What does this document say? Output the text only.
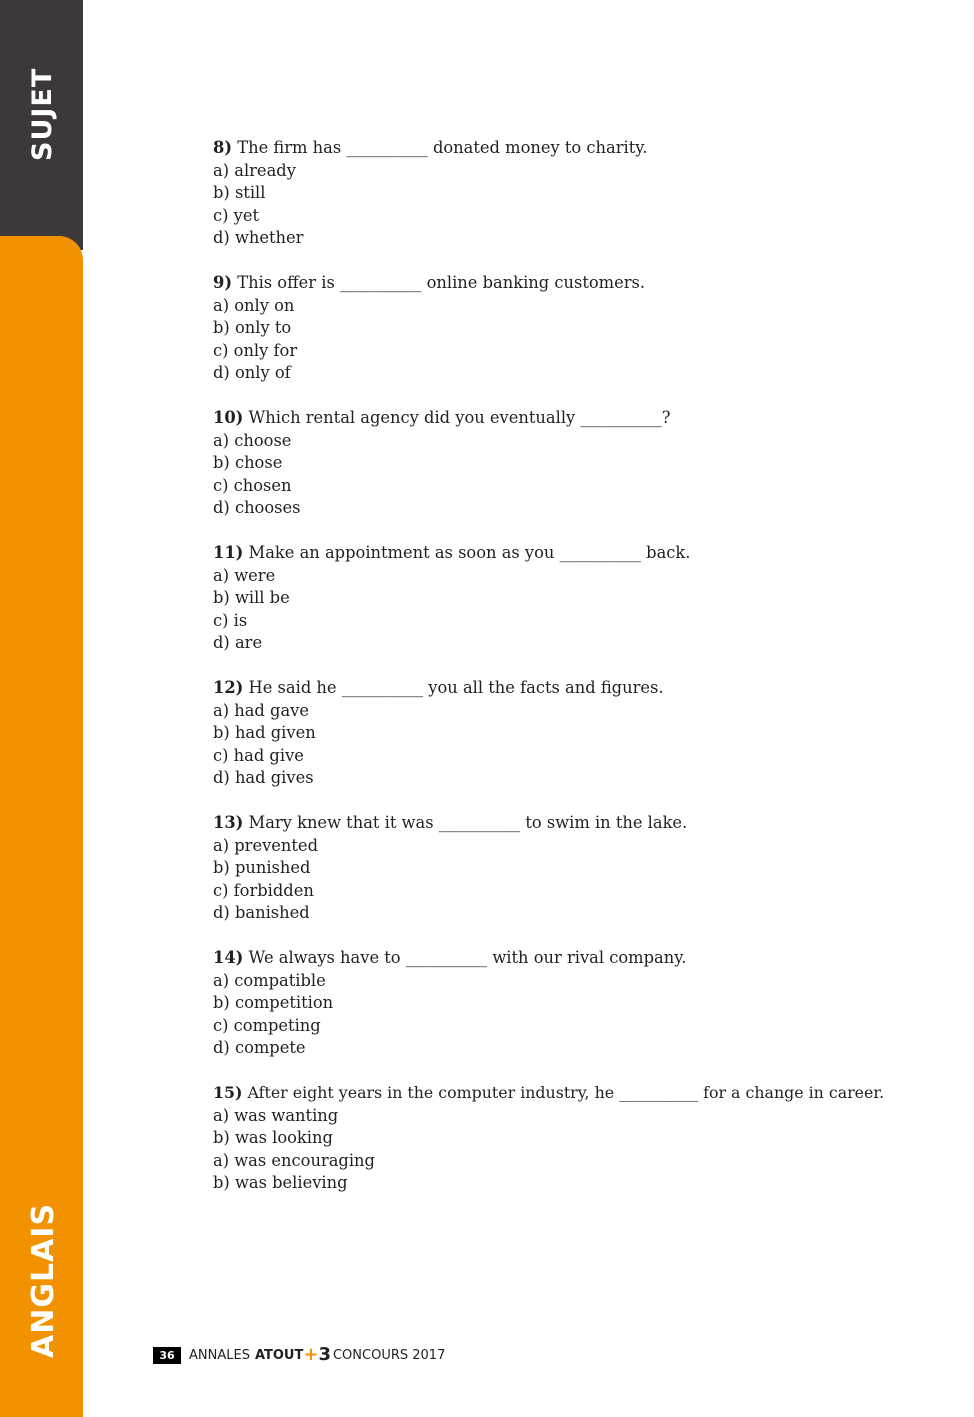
SUJET
ANGLAIS
8) The firm has __________ donated money to charity.
a) already
b) still
c) yet
d) whether
9) This offer is __________ online banking customers.
a) only on
b) only to
c) only for
d) only of
10) Which rental agency did you eventually __________?
a) choose
b) chose
c) chosen
d) chooses
11) Make an appointment as soon as you __________ back.
a) were
b) will be
c) is
d) are
12) He said he __________ you all the facts and figures.
a) had gave
b) had given
c) had give
d) had gives
13) Mary knew that it was __________ to swim in the lake.
a) prevented
b) punished
c) forbidden
d) banished
14) We always have to __________ with our rival company.
a) compatible
b) competition
c) competing
d) compete
15) After eight years in the computer industry, he __________ for a change in career.
a) was wanting
b) was looking
a) was encouraging
b) was believing
36	ANNALES ATOUT + 3 CONCOURS 2017
